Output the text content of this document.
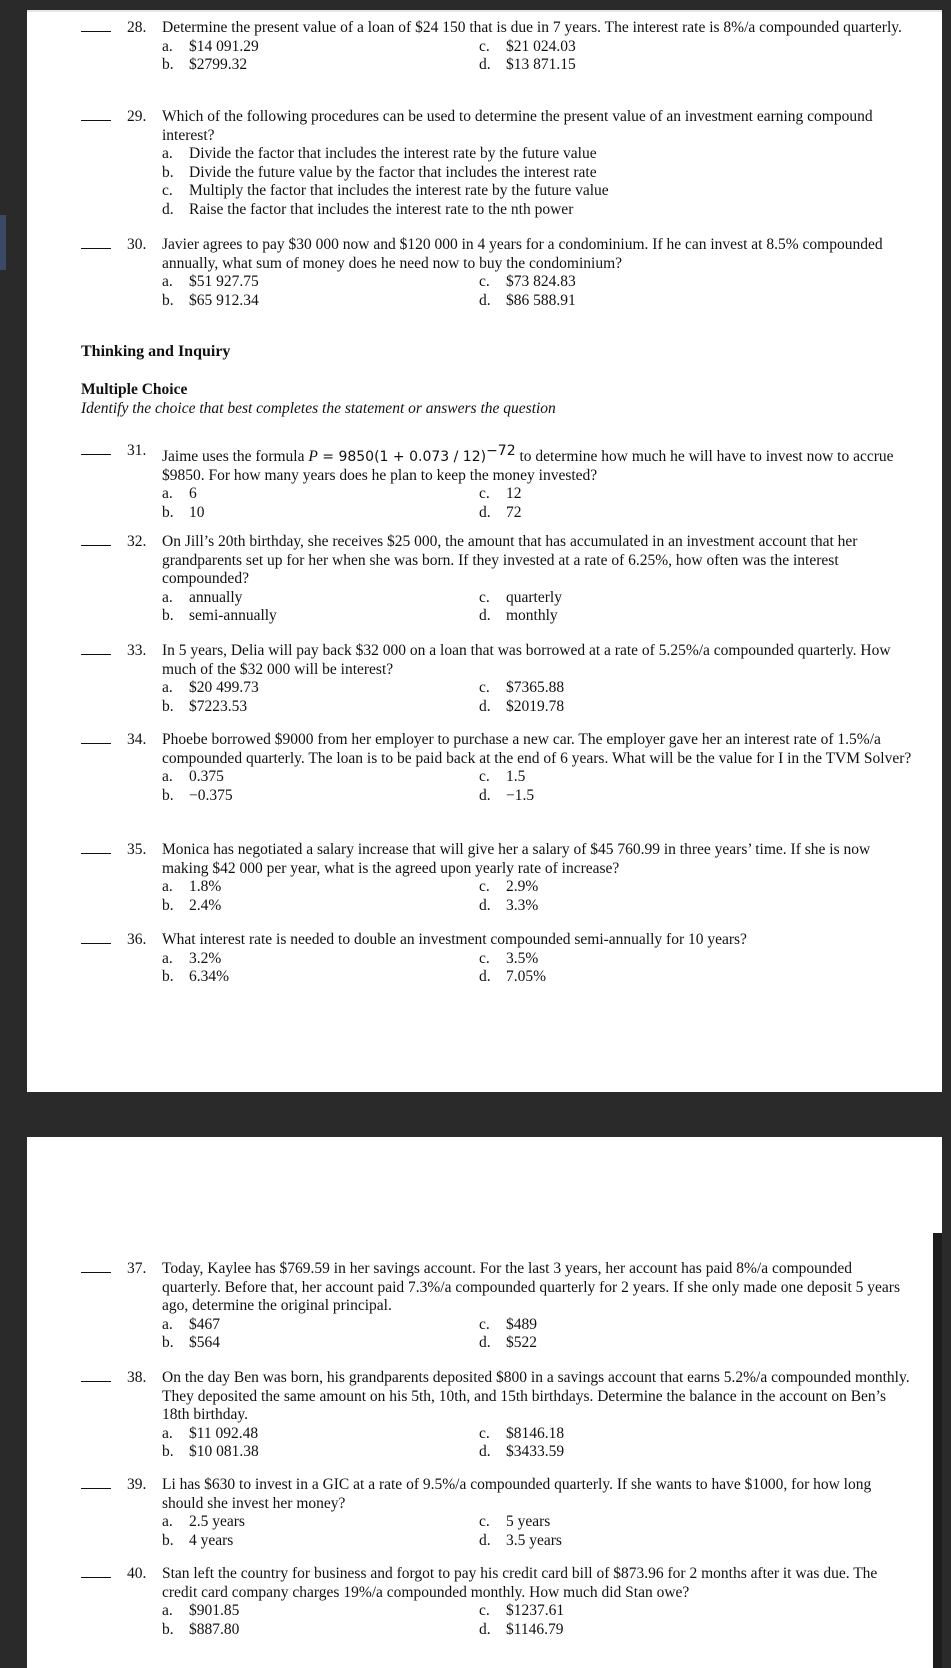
28. Determine the present value of a loan of $24 150 that is due in 7 years. The interest rate is 8%/a compounded quarterly.
a. $14 091.29	c. $21 024.03
b. $2799.32	d. $13 871.15
29. Which of the following procedures can be used to determine the present value of an investment earning compound interest?
a. Divide the factor that includes the interest rate by the future value
b. Divide the future value by the factor that includes the interest rate
c. Multiply the factor that includes the interest rate by the future value
d. Raise the factor that includes the interest rate to the nth power
30. Javier agrees to pay $30 000 now and $120 000 in 4 years for a condominium. If he can invest at 8.5% compounded annually, what sum of money does he need now to buy the condominium?
a. $51 927.75	c. $73 824.83
b. $65 912.34	d. $86 588.91
Thinking and Inquiry
Multiple Choice
Identify the choice that best completes the statement or answers the question
31. Jaime uses the formula $P = 9850(1 + 0.073 / 12)^{-72}$ to determine how much he will have to invest now to accrue $9850. For how many years does he plan to keep the money invested?
a. 6	c. 12
b. 10	d. 72
32. On Jill’s 20th birthday, she receives $25 000, the amount that has accumulated in an investment account that her grandparents set up for her when she was born. If they invested at a rate of 6.25%, how often was the interest compounded?
a. annually	c. quarterly
b. semi-annually	d. monthly
33. In 5 years, Delia will pay back $32 000 on a loan that was borrowed at a rate of 5.25%/a compounded quarterly. How much of the $32 000 will be interest?
a. $20 499.73	c. $7365.88
b. $7223.53	d. $2019.78
34. Phoebe borrowed $9000 from her employer to purchase a new car. The employer gave her an interest rate of 1.5%/a compounded quarterly. The loan is to be paid back at the end of 6 years. What will be the value for I in the TVM Solver?
a. 0.375	c. 1.5
b. −0.375	d. −1.5
35. Monica has negotiated a salary increase that will give her a salary of $45 760.99 in three years’ time. If she is now making $42 000 per year, what is the agreed upon yearly rate of increase?
a. 1.8%	c. 2.9%
b. 2.4%	d. 3.3%
36. What interest rate is needed to double an investment compounded semi-annually for 10 years?
a. 3.2%	c. 3.5%
b. 6.34%	d. 7.05%
37. Today, Kaylee has $769.59 in her savings account. For the last 3 years, her account has paid 8%/a compounded quarterly. Before that, her account paid 7.3%/a compounded quarterly for 2 years. If she only made one deposit 5 years ago, determine the original principal.
a. $467	c. $489
b. $564	d. $522
38. On the day Ben was born, his grandparents deposited $800 in a savings account that earns 5.2%/a compounded monthly. They deposited the same amount on his 5th, 10th, and 15th birthdays. Determine the balance in the account on Ben’s 18th birthday.
a. $11 092.48	c. $8146.18
b. $10 081.38	d. $3433.59
39. Li has $630 to invest in a GIC at a rate of 9.5%/a compounded quarterly. If she wants to have $1000, for how long should she invest her money?
a. 2.5 years	c. 5 years
b. 4 years	d. 3.5 years
40. Stan left the country for business and forgot to pay his credit card bill of $873.96 for 2 months after it was due. The credit card company charges 19%/a compounded monthly. How much did Stan owe?
a. $901.85	c. $1237.61
b. $887.80	d. $1146.79
